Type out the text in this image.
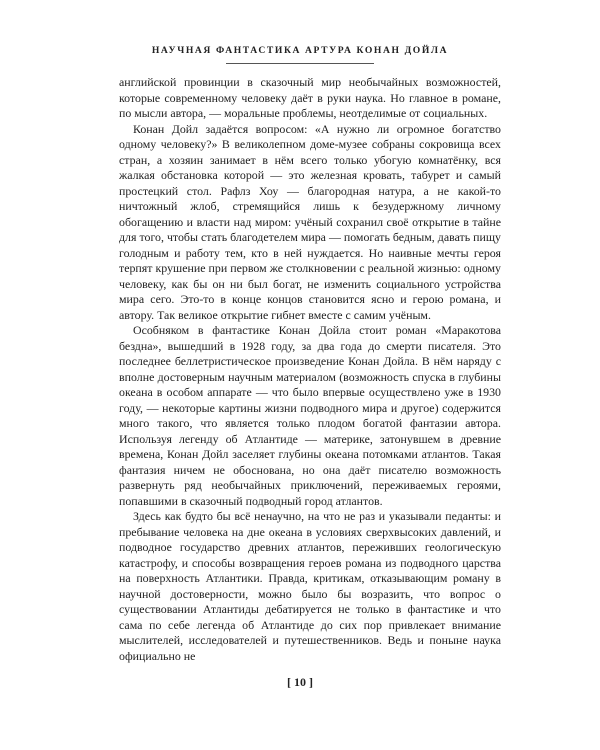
НАУЧНАЯ ФАНТАСТИКА АРТУРА КОНАН ДОЙЛА

английской провинции в сказочный мир необычайных возможностей, которые современному человеку даёт в руки наука. Но главное в романе, по мысли автора, — моральные проблемы, неотделимые от социальных.

Конан Дойл задаётся вопросом: «А нужно ли огромное богатство одному человеку?» В великолепном доме-музее собраны сокровища всех стран, а хозяин занимает в нём всего только убогую комнатёнку, вся жалкая обстановка которой — это железная кровать, табурет и самый простецкий стол. Рафлз Хоу — благородная натура, а не какой-то ничтожный жлоб, стремящийся лишь к безудержному личному обогащению и власти над миром: учёный сохранил своё открытие в тайне для того, чтобы стать благодетелем мира — помогать бедным, давать пищу голодным и работу тем, кто в ней нуждается. Но наивные мечты героя терпят крушение при первом же столкновении с реальной жизнью: одному человеку, как бы он ни был богат, не изменить социального устройства мира сего. Это-то в конце концов становится ясно и герою романа, и автору. Так великое открытие гибнет вместе с самим учёным.

Особняком в фантастике Конан Дойла стоит роман «Маракотова бездна», вышедший в 1928 году, за два года до смерти писателя. Это последнее беллетристическое произведение Конан Дойла. В нём наряду с вполне достоверным научным материалом (возможность спуска в глубины океана в особом аппарате — что было впервые осуществлено уже в 1930 году, — некоторые картины жизни подводного мира и другое) содержится много такого, что является только плодом богатой фантазии автора. Используя легенду об Атлантиде — материке, затонувшем в древние времена, Конан Дойл заселяет глубины океана потомками атлантов. Такая фантазия ничем не обоснована, но она даёт писателю возможность развернуть ряд необычайных приключений, переживаемых героями, попавшими в сказочный подводный город атлантов.

Здесь как будто бы всё ненаучно, на что не раз и указывали педанты: и пребывание человека на дне океана в условиях сверхвысоких давлений, и подводное государство древних атлантов, переживших геологическую катастрофу, и способы возвращения героев романа из подводного царства на поверхность Атлантики. Правда, критикам, отказывающим роману в научной достоверности, можно было бы возразить, что вопрос о существовании Атлантиды дебатируется не только в фантастике и что сама по себе легенда об Атлантиде до сих пор привлекает внимание мыслителей, исследователей и путешественников. Ведь и поныне наука официально не

[ 10 ]
